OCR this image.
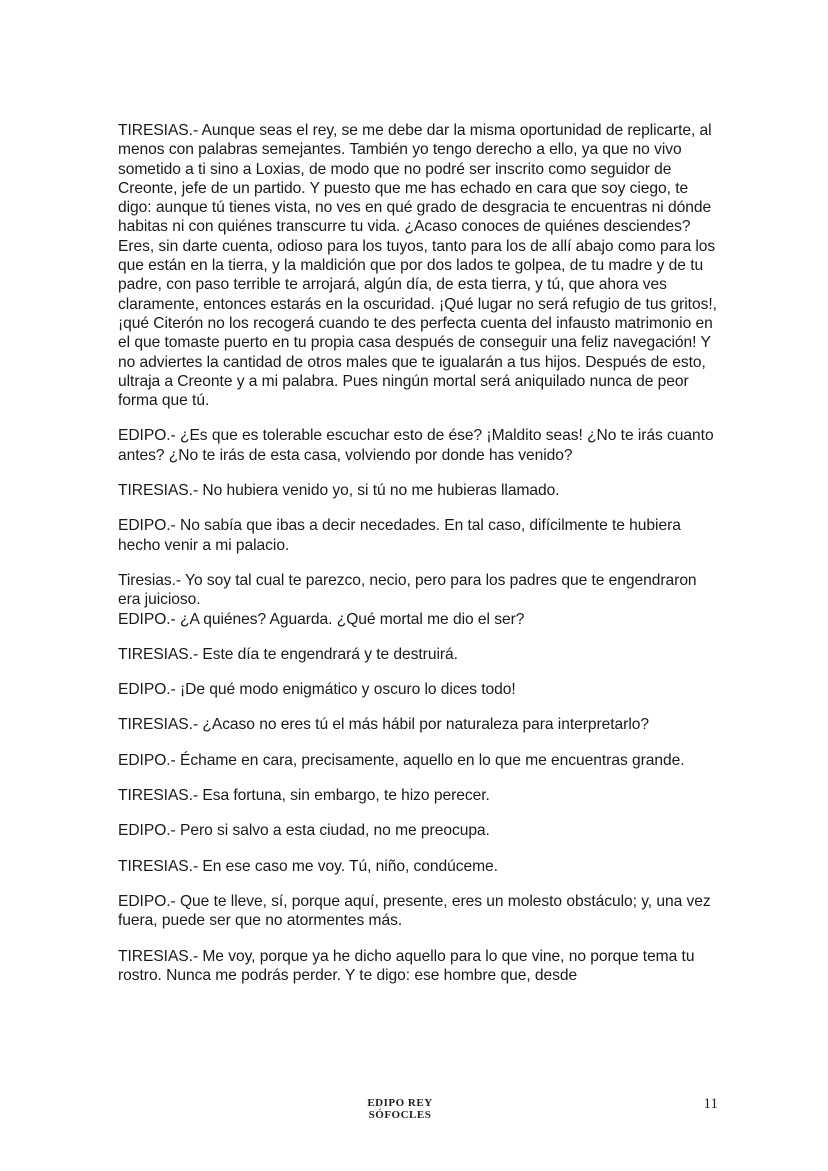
TIRESIAS.- Aunque seas el rey, se me debe dar la misma oportunidad de replicarte, al menos con palabras semejantes. También yo tengo derecho a ello, ya que no vivo sometido a ti sino a Loxias, de modo que no podré ser inscrito como seguidor de Creonte, jefe de un partido. Y puesto que me has echado en cara que soy ciego, te digo: aunque tú tienes vista, no ves en qué grado de desgracia te encuentras ni dónde habitas ni con quiénes transcurre tu vida. ¿Acaso conoces de quiénes desciendes? Eres, sin darte cuenta, odioso para los tuyos, tanto para los de allí abajo como para los que están en la tierra, y la maldición que por dos lados te golpea, de tu madre y de tu padre, con paso terrible te arrojará, algún día, de esta tierra, y tú, que ahora ves claramente, entonces estarás en la oscuridad. ¡Qué lugar no será refugio de tus gritos!, ¡qué Citerón no los recogerá cuando te des perfecta cuenta del infausto matrimonio en el que tomaste puerto en tu propia casa después de conseguir una feliz navegación! Y no adviertes la cantidad de otros males que te igualarán a tus hijos. Después de esto, ultraja a Creonte y a mi palabra. Pues ningún mortal será aniquilado nunca de peor forma que tú.

EDIPO.- ¿Es que es tolerable escuchar esto de ése? ¡Maldito seas! ¿No te irás cuanto antes? ¿No te irás de esta casa, volviendo por donde has venido?

TIRESIAS.- No hubiera venido yo, si tú no me hubieras llamado.

EDIPO.- No sabía que ibas a decir necedades. En tal caso, difícilmente te hubiera hecho venir a mi palacio.

Tiresias.- Yo soy tal cual te parezco, necio, pero para los padres que te engendraron era juicioso.

EDIPO.- ¿A quiénes? Aguarda. ¿Qué mortal me dio el ser?

TIRESIAS.- Este día te engendrará y te destruirá.

EDIPO.- ¡De qué modo enigmático y oscuro lo dices todo!

TIRESIAS.- ¿Acaso no eres tú el más hábil por naturaleza para interpretarlo?

EDIPO.- Échame en cara, precisamente, aquello en lo que me encuentras grande.

TIRESIAS.- Esa fortuna, sin embargo, te hizo perecer.

EDIPO.- Pero si salvo a esta ciudad, no me preocupa.

TIRESIAS.- En ese caso me voy. Tú, niño, condúceme.

EDIPO.- Que te lleve, sí, porque aquí, presente, eres un molesto obstáculo; y, una vez fuera, puede ser que no atormentes más.

TIRESIAS.- Me voy, porque ya he dicho aquello para lo que vine, no porque tema tu rostro. Nunca me podrás perder. Y te digo: ese hombre que, desde

EDIPO REY
SÓFOCLES
11
